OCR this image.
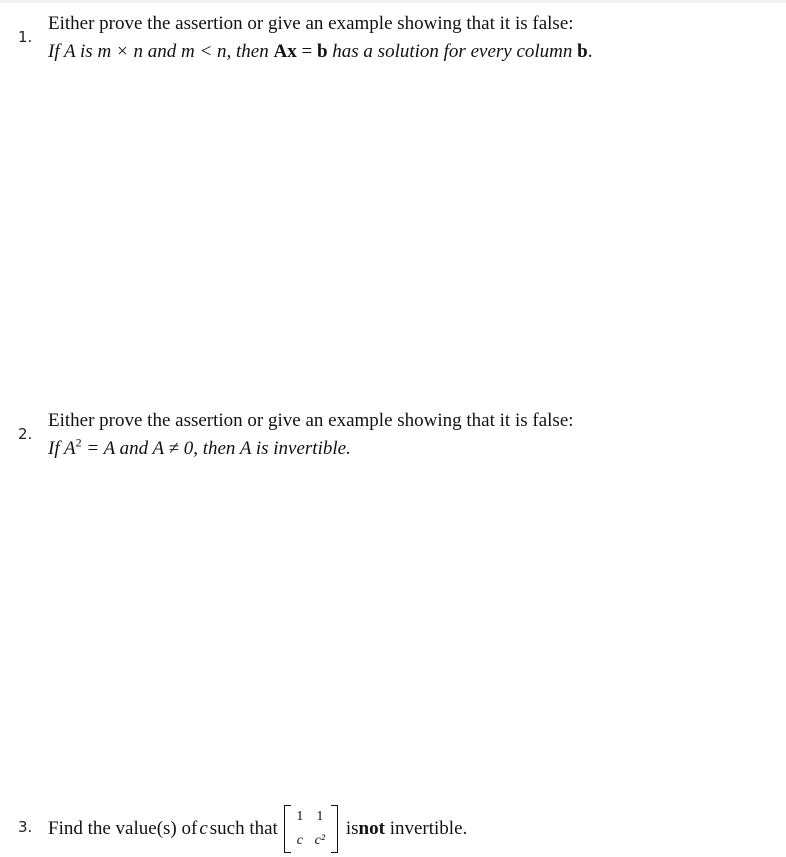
1.
Either prove the assertion or give an example showing that it is false:
If A is m × n and m < n, then Ax = b has a solution for every column b.
2.
Either prove the assertion or give an example showing that it is false:
If $A^2 = A$ and A ≠ 0, then A is invertible.
3. Find the value(s) of c such that
1 1
c c²
is not invertible.
